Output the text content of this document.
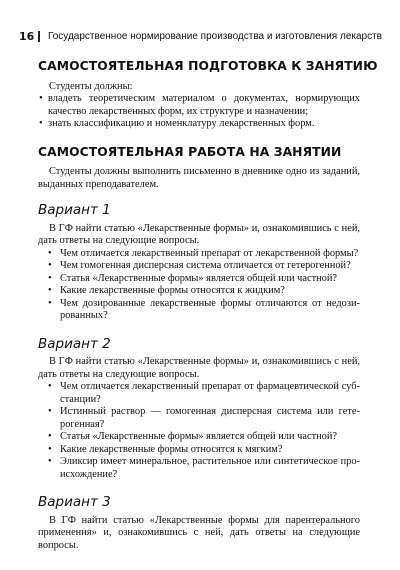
16 Государственное нормирование производства и изготовления лекарств
САМОСТОЯТЕЛЬНАЯ ПОДГОТОВКА К ЗАНЯТИЮ

Студенты должны:

• владеть теоретическим материалом о документах, нормирующих качество лекарственных форм, их структуре и назначении;
• знать классификацию и номенклатуру лекарственных форм.
САМОСТОЯТЕЛЬНАЯ РАБОТА НА ЗАНЯТИИ

Студенты должны выполнить письменно в дневнике одно из заданий, выданных преподавателем.

Вариант 1

В ГФ найти статью «Лекарственные формы» и, ознакомившись с ней, дать ответы на следующие вопросы.

• Чем отличается лекарственный препарат от лекарственной формы?
• Чем гомогенная дисперсная система отличается от гетерогенной?
• Статья «Лекарственные формы» является общей или частной?
• Какие лекарственные формы относятся к жидким?
• Чем дозированные лекарственные формы отличаются от недозированных?
Вариант 2

В ГФ найти статью «Лекарственные формы» и, ознакомившись с ней, дать ответы на следующие вопросы.

• Чем отличается лекарственный препарат от фармацевтической субстанции?
• Истинный раствор — гомогенная дисперсная система или гетерогенная?
• Статья «Лекарственные формы» является общей или частной?
• Какие лекарственные формы относятся к мягким?
• Эликсир имеет минеральное, растительное или синтетическое происхождение?
Вариант 3

В ГФ найти статью «Лекарственные формы для парентерального применения» и, ознакомившись с ней, дать ответы на следующие вопросы.
